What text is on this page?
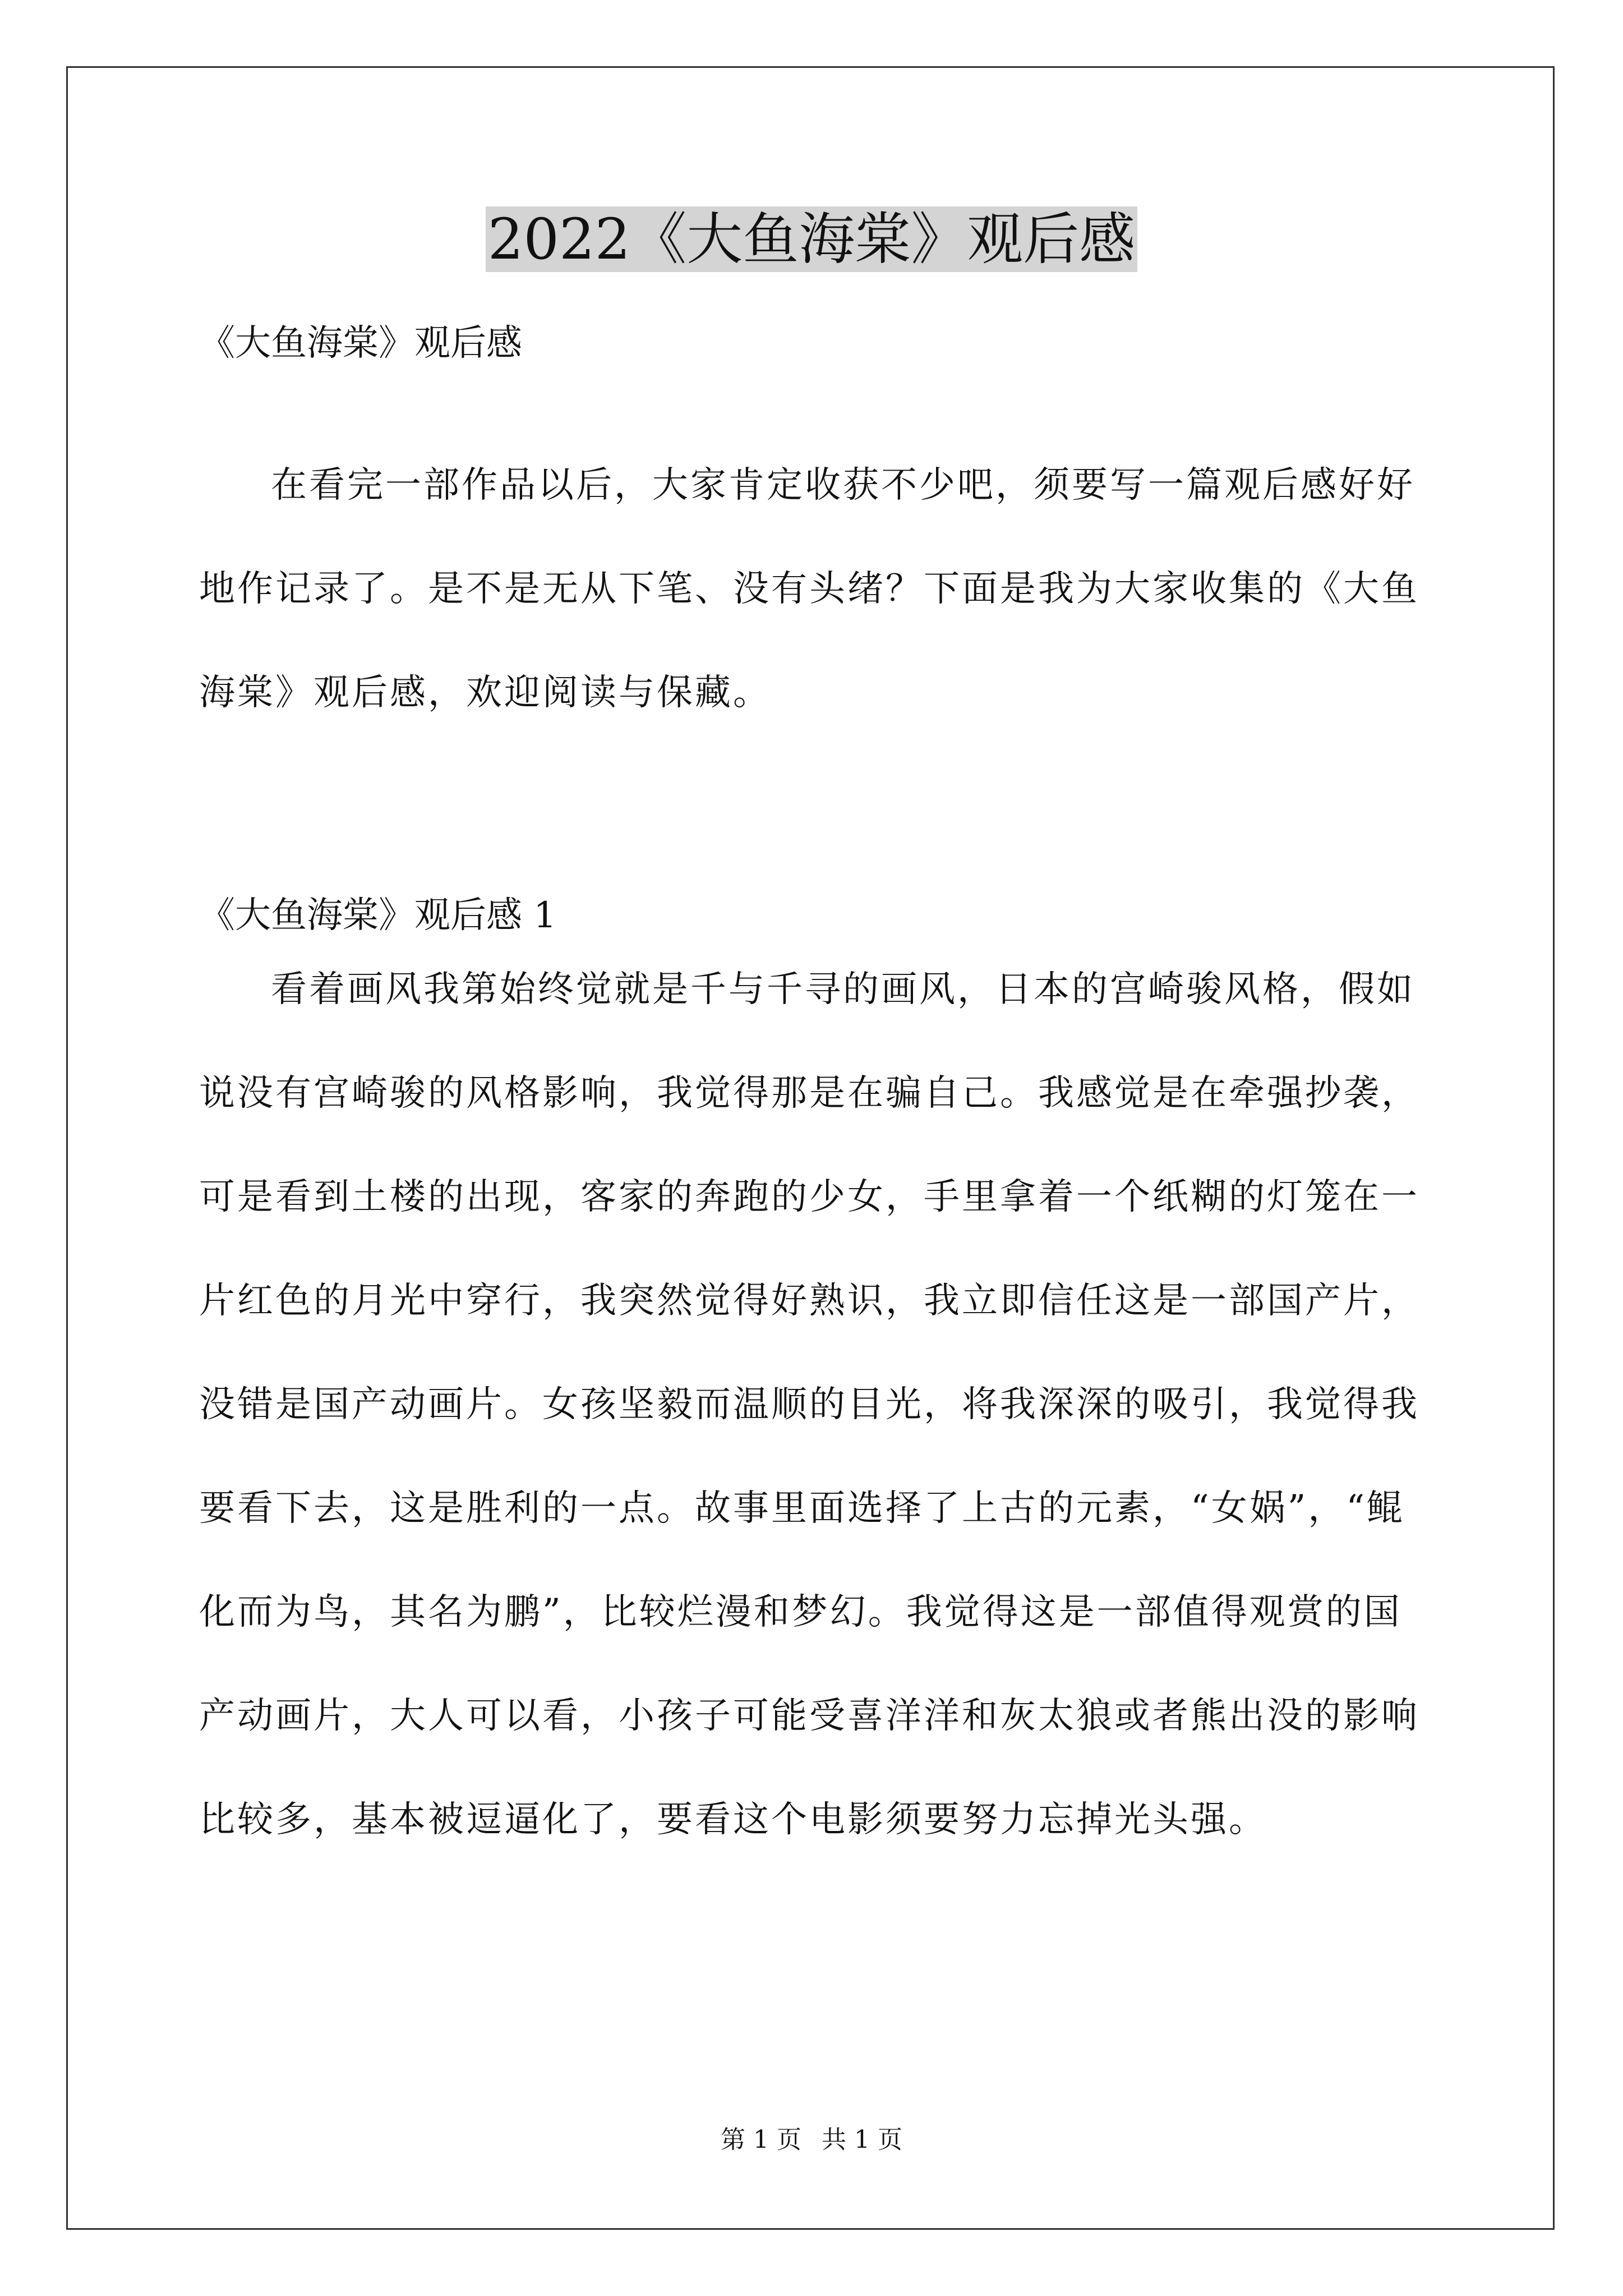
2022《大鱼海棠》观后感

《大鱼海棠》观后感

在看完一部作品以后，大家肯定收获不少吧，须要写一篇观后感好好地作记录了。是不是无从下笔、没有头绪？下面是我为大家收集的《大鱼海棠》观后感，欢迎阅读与保藏。

《大鱼海棠》观后感 1

看着画风我第始终觉就是千与千寻的画风，日本的宫崎骏风格，假如说没有宫崎骏的风格影响，我觉得那是在骗自己。我感觉是在牵强抄袭，可是看到土楼的出现，客家的奔跑的少女，手里拿着一个纸糊的灯笼在一片红色的月光中穿行，我突然觉得好熟识，我立即信任这是一部国产片，没错是国产动画片。女孩坚毅而温顺的目光，将我深深的吸引，我觉得我要看下去，这是胜利的一点。故事里面选择了上古的元素，“女娲”，“鲲化而为鸟，其名为鹏”，比较烂漫和梦幻。我觉得这是一部值得观赏的国产动画片，大人可以看，小孩子可能受喜洋洋和灰太狼或者熊出没的影响比较多，基本被逗逼化了，要看这个电影须要努力忘掉光头强。

第 1 页 共 1 页
